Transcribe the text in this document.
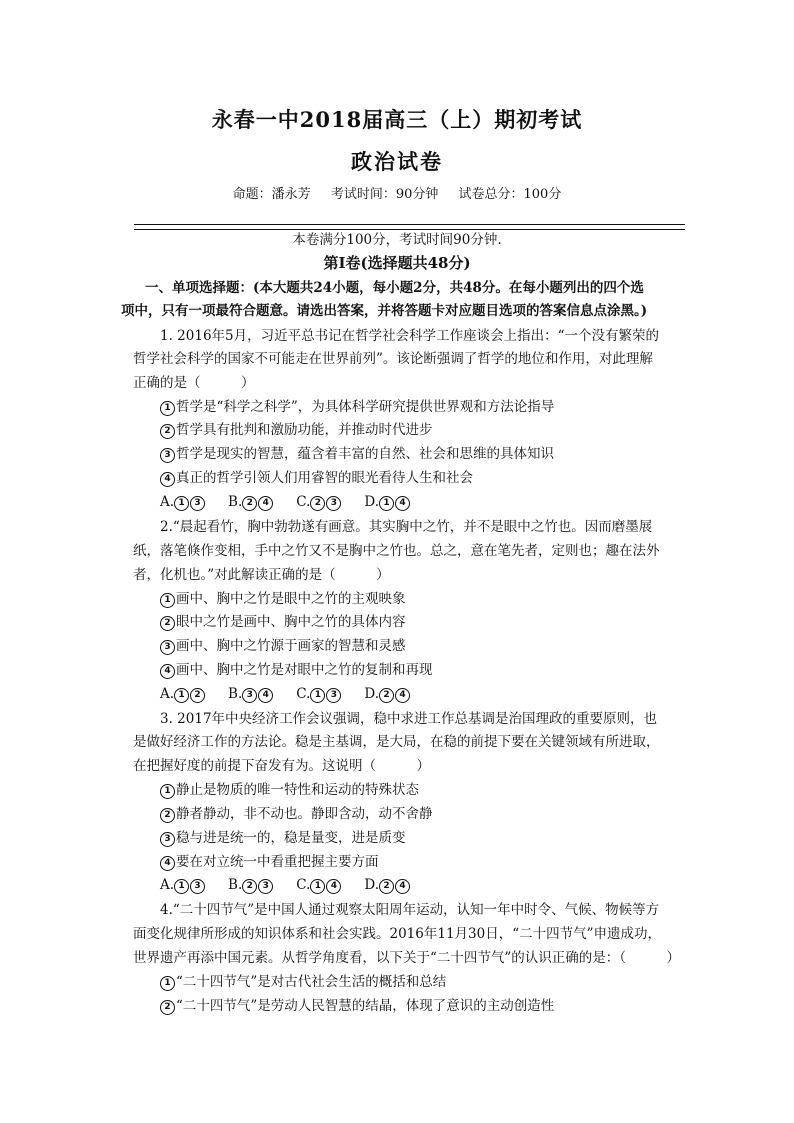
永春一中2018届高三（上）期初考试
政治试卷
命题：潘永芳 考试时间：90分钟 试卷总分：100分
本卷满分100分，考试时间90分钟.
第Ⅰ卷(选择题共48分)
一、单项选择题：(本大题共24小题，每小题2分，共48分。在每小题列出的四个选
项中，只有一项最符合题意。请选出答案，并将答题卡对应题目选项的答案信息点涂黑。)
1. 2016年5月，习近平总书记在哲学社会科学工作座谈会上指出：“一个没有繁荣的
哲学社会科学的国家不可能走在世界前列”。该论断强调了哲学的地位和作用，对此理解
正确的是（　　　）
1 哲学是“科学之科学”，为具体科学研究提供世界观和方法论指导
2 哲学具有批判和激励功能，并推动时代进步
3 哲学是现实的智慧，蕴含着丰富的自然、社会和思维的具体知识
4 真正的哲学引领人们用睿智的眼光看待人生和社会
A. 1 3 B. 2 4 C. 2 3 D. 1 4
2.“晨起看竹，胸中勃勃遂有画意。其实胸中之竹，并不是眼中之竹也。因而磨墨展
纸，落笔倏作变相，手中之竹又不是胸中之竹也。总之，意在笔先者，定则也；趣在法外
者，化机也。”对此解读正确的是（　　　）
1 画中、胸中之竹是眼中之竹的主观映象
2 眼中之竹是画中、胸中之竹的具体内容
3 画中、胸中之竹源于画家的智慧和灵感
4 画中、胸中之竹是对眼中之竹的复制和再现
A. 1 2 B. 3 4 C. 1 3 D. 2 4
3. 2017年中央经济工作会议强调，稳中求进工作总基调是治国理政的重要原则，也
是做好经济工作的方法论。稳是主基调，是大局，在稳的前提下要在关键领域有所进取，
在把握好度的前提下奋发有为。这说明（　　　）
1 静止是物质的唯一特性和运动的特殊状态
2 静者静动，非不动也。静即含动，动不舍静
3 稳与进是统一的，稳是量变，进是质变
4 要在对立统一中看重把握主要方面
A. 1 3 B. 2 3 C. 1 4 D. 2 4
4.“二十四节气”是中国人通过观察太阳周年运动，认知一年中时令、气候、物候等方
面变化规律所形成的知识体系和社会实践。2016年11月30日，“二十四节气”申遗成功，
世界遗产再添中国元素。从哲学角度看，以下关于“二十四节气”的认识正确的是：（　　　）
1 “二十四节气”是对古代社会生活的概括和总结
2 “二十四节气”是劳动人民智慧的结晶，体现了意识的主动创造性
